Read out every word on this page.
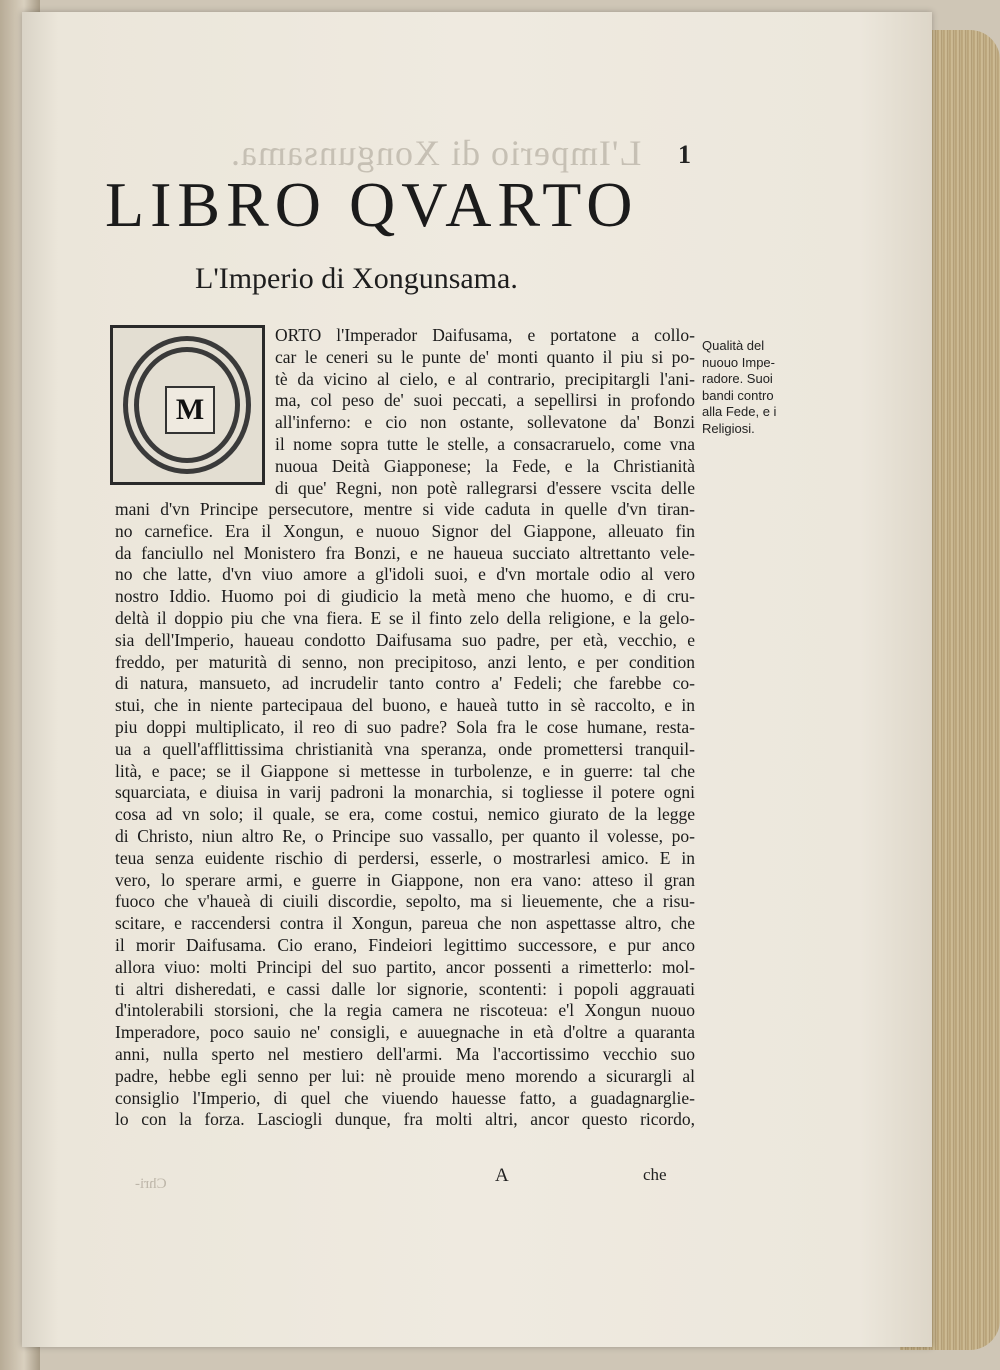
L'Imperio di Xongunsama. 1
LIBRO QVARTO
L'Imperio di Xongunsama.
M
ORTO l'Imperador Daifusama, e portatone a collo-
car le ceneri su le punte de' monti quanto il piu si po-
tè da vicino al cielo, e al contrario, precipitargli l'ani-
ma, col peso de' suoi peccati, a sepellirsi in profondo
all'inferno: e cio non ostante, sollevatone da' Bonzi
il nome sopra tutte le stelle, a consacraruelo, come vna
nuoua Deità Giapponese; la Fede, e la Christianità
di que' Regni, non potè rallegrarsi d'essere vscita delle
mani d'vn Principe persecutore, mentre si vide caduta in quelle d'vn tiran-
no carnefice. Era il Xongun, e nuouo Signor del Giappone, alleuato fin
da fanciullo nel Monistero fra Bonzi, e ne haueua succiato altrettanto vele-
no che latte, d'vn viuo amore a gl'idoli suoi, e d'vn mortale odio al vero
nostro Iddio. Huomo poi di giudicio la metà meno che huomo, e di cru-
deltà il doppio piu che vna fiera. E se il finto zelo della religione, e la gelo-
sia dell'Imperio, haueau condotto Daifusama suo padre, per età, vecchio, e
freddo, per maturità di senno, non precipitoso, anzi lento, e per condition
di natura, mansueto, ad incrudelir tanto contro a' Fedeli; che farebbe co-
stui, che in niente partecipaua del buono, e haueà tutto in sè raccolto, e in
piu doppi multiplicato, il reo di suo padre? Sola fra le cose humane, resta-
ua a quell'afflittissima christianità vna speranza, onde promettersi tranquil-
lità, e pace; se il Giappone si mettesse in turbolenze, e in guerre: tal che
squarciata, e diuisa in varij padroni la monarchia, si togliesse il potere ogni
cosa ad vn solo; il quale, se era, come costui, nemico giurato de la legge
di Christo, niun altro Re, o Principe suo vassallo, per quanto il volesse, po-
teua senza euidente rischio di perdersi, esserle, o mostrarlesi amico. E in
vero, lo sperare armi, e guerre in Giappone, non era vano: atteso il gran
fuoco che v'haueà di ciuili discordie, sepolto, ma si lieuemente, che a risu-
scitare, e raccendersi contra il Xongun, pareua che non aspettasse altro, che
il morir Daifusama. Cio erano, Findeiori legittimo successore, e pur anco
allora viuo: molti Principi del suo partito, ancor possenti a rimetterlo: mol-
ti altri disheredati, e cassi dalle lor signorie, scontenti: i popoli aggrauati
d'intolerabili storsioni, che la regia camera ne riscoteua: e'l Xongun nuouo
Imperadore, poco sauio ne' consigli, e auuegnache in età d'oltre a quaranta
anni, nulla sperto nel mestiero dell'armi. Ma l'accortissimo vecchio suo
padre, hebbe egli senno per lui: nè prouide meno morendo a sicurargli al
consiglio l'Imperio, di quel che viuendo hauesse fatto, a guadagnarglie-
lo con la forza. Lasciogli dunque, fra molti altri, ancor questo ricordo,
Qualità del
nuouo Impe-
radore. Suoi
bandi contro
alla Fede, e i
Religiosi.
Chri-	A	che
